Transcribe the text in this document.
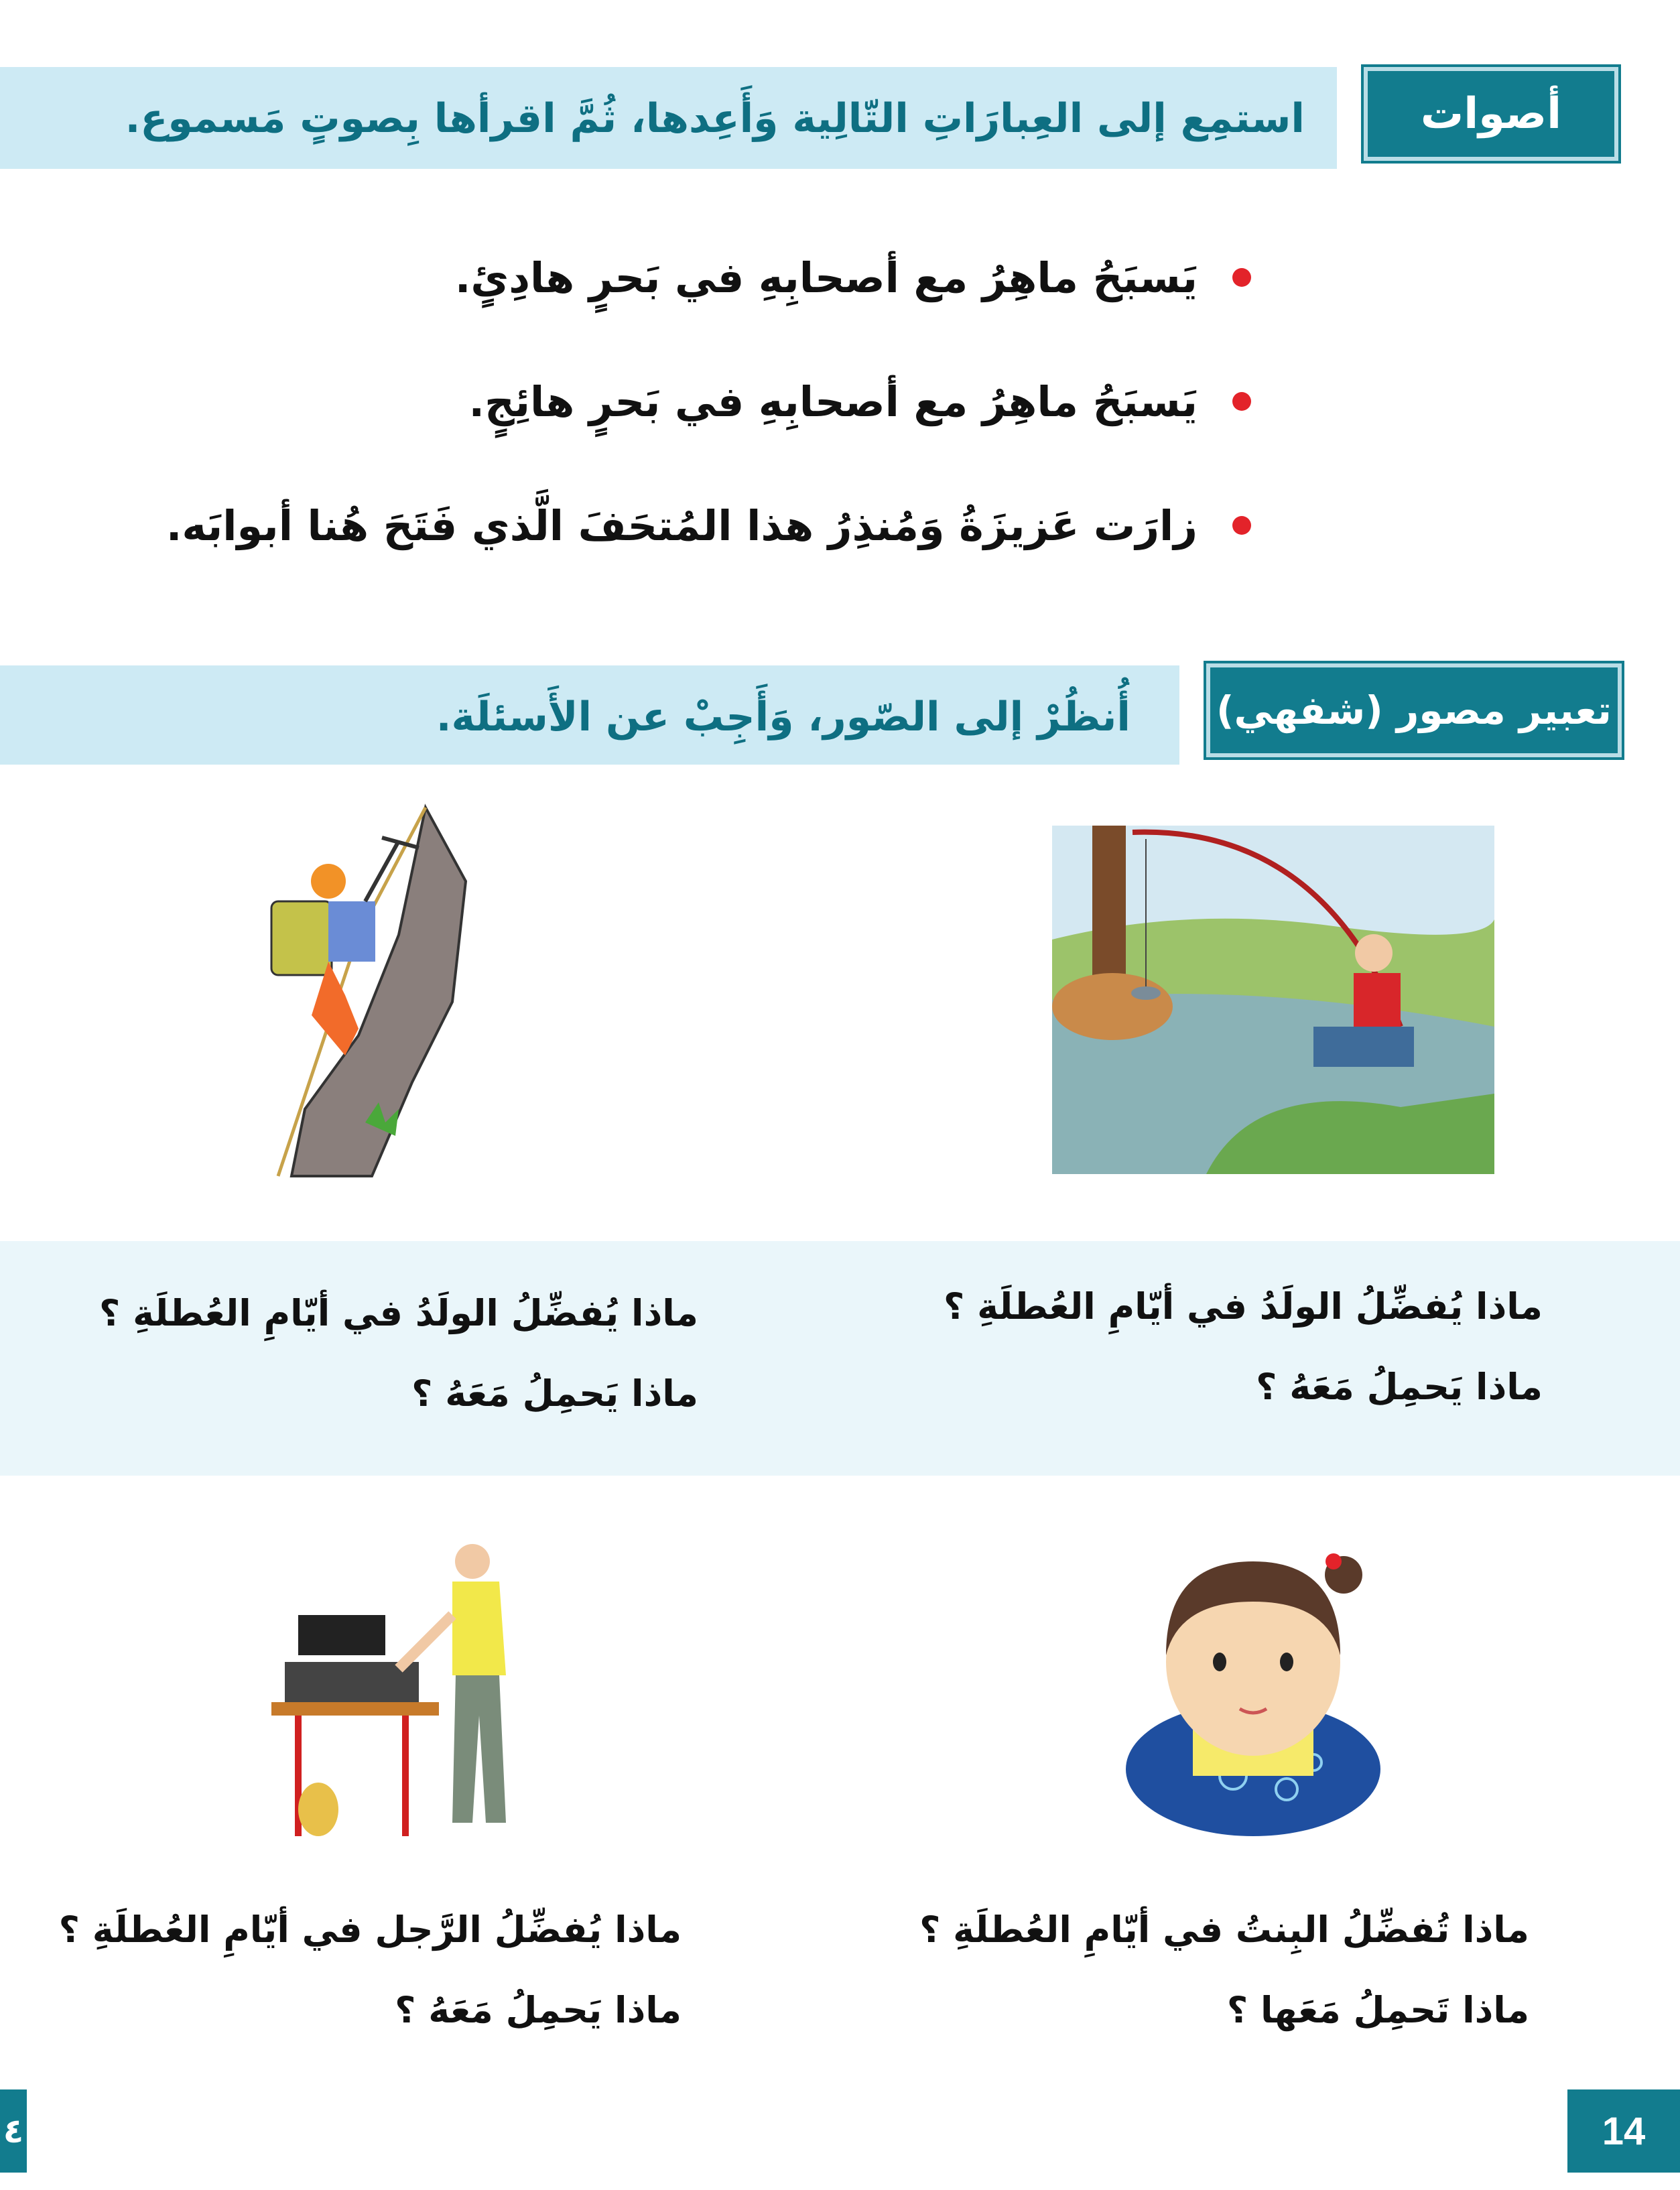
أصوات
استمِع إلى العِبارَاتِ التّالِية وَأَعِدها، ثُمَّ اقرأها بِصوتٍ مَسموع.
يَسبَحُ ماهِرُ مع أصحابِهِ في بَحرٍ هادِئٍ.
يَسبَحُ ماهِرُ مع أصحابِهِ في بَحرٍ هائِجٍ.
زارَت عَزيزَةُ وَمُنذِرُ هذا المُتحَفَ الَّذي فَتَحَ هُنا أبوابَه.
تعبير مصور (شفهي)
أُنظُرْ إلى الصّور، وَأَجِبْ عن الأَسئلَة.
ماذا يُفضِّلُ الولَدُ في أيّامِ العُطلَةِ ؟
ماذا يَحمِلُ مَعَهُ ؟
ماذا يُفضِّلُ الولَدُ في أيّامِ العُطلَةِ ؟
ماذا يَحمِلُ مَعَهُ ؟
ماذا تُفضِّلُ البِنتُ في أيّامِ العُطلَةِ ؟
ماذا تَحمِلُ مَعَها ؟
ماذا يُفضِّلُ الرَّجل في أيّامِ العُطلَةِ ؟
ماذا يَحمِلُ مَعَهُ ؟
14
٤
